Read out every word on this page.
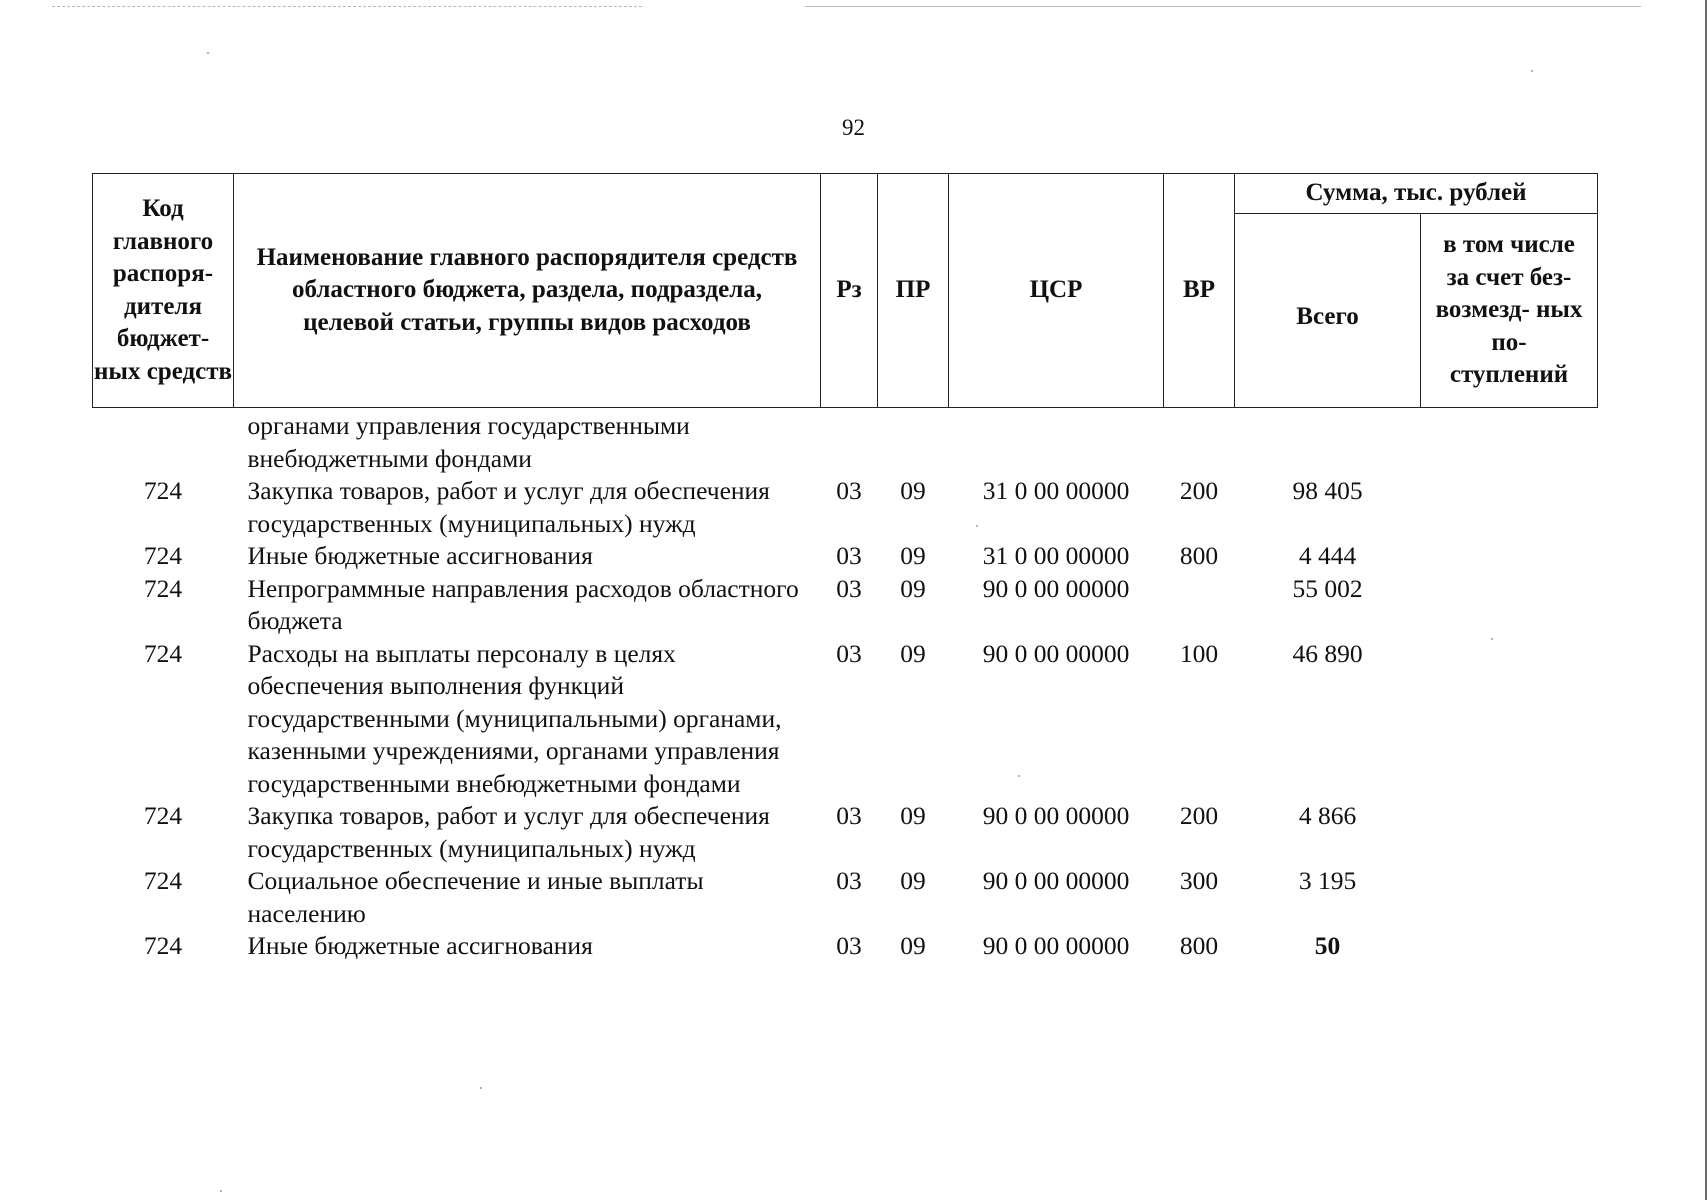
92
Код главного распоря- дителя бюджет- ных средств	Наименование главного распорядителя средств областного бюджета, раздела, подраздела, целевой статьи, группы видов расходов	Рз	ПР	ЦСР	ВР	Сумма, тыс. рублей	
						Всего	в том числе за счет без- возмезд- ных по- ступлений
	органами управления государственными внебюджетными фондами						
724	Закупка товаров, работ и услуг для обеспечения государственных (муниципальных) нужд	03	09	31 0 00 00000	200	98 405	
724	Иные бюджетные ассигнования	03	09	31 0 00 00000	800	4 444	
724	Непрограммные направления расходов областного бюджета	03	09	90 0 00 00000		55 002	
724	Расходы на выплаты персоналу в целях обеспечения выполнения функций государственными (муниципальными) органами, казенными учреждениями, органами управления государственными внебюджетными фондами	03	09	90 0 00 00000	100	46 890	
724	Закупка товаров, работ и услуг для обеспечения государственных (муниципальных) нужд	03	09	90 0 00 00000	200	4 866	
724	Социальное обеспечение и иные выплаты населению	03	09	90 0 00 00000	300	3 195	
724	Иные бюджетные ассигнования	03	09	90 0 00 00000	800	50	
